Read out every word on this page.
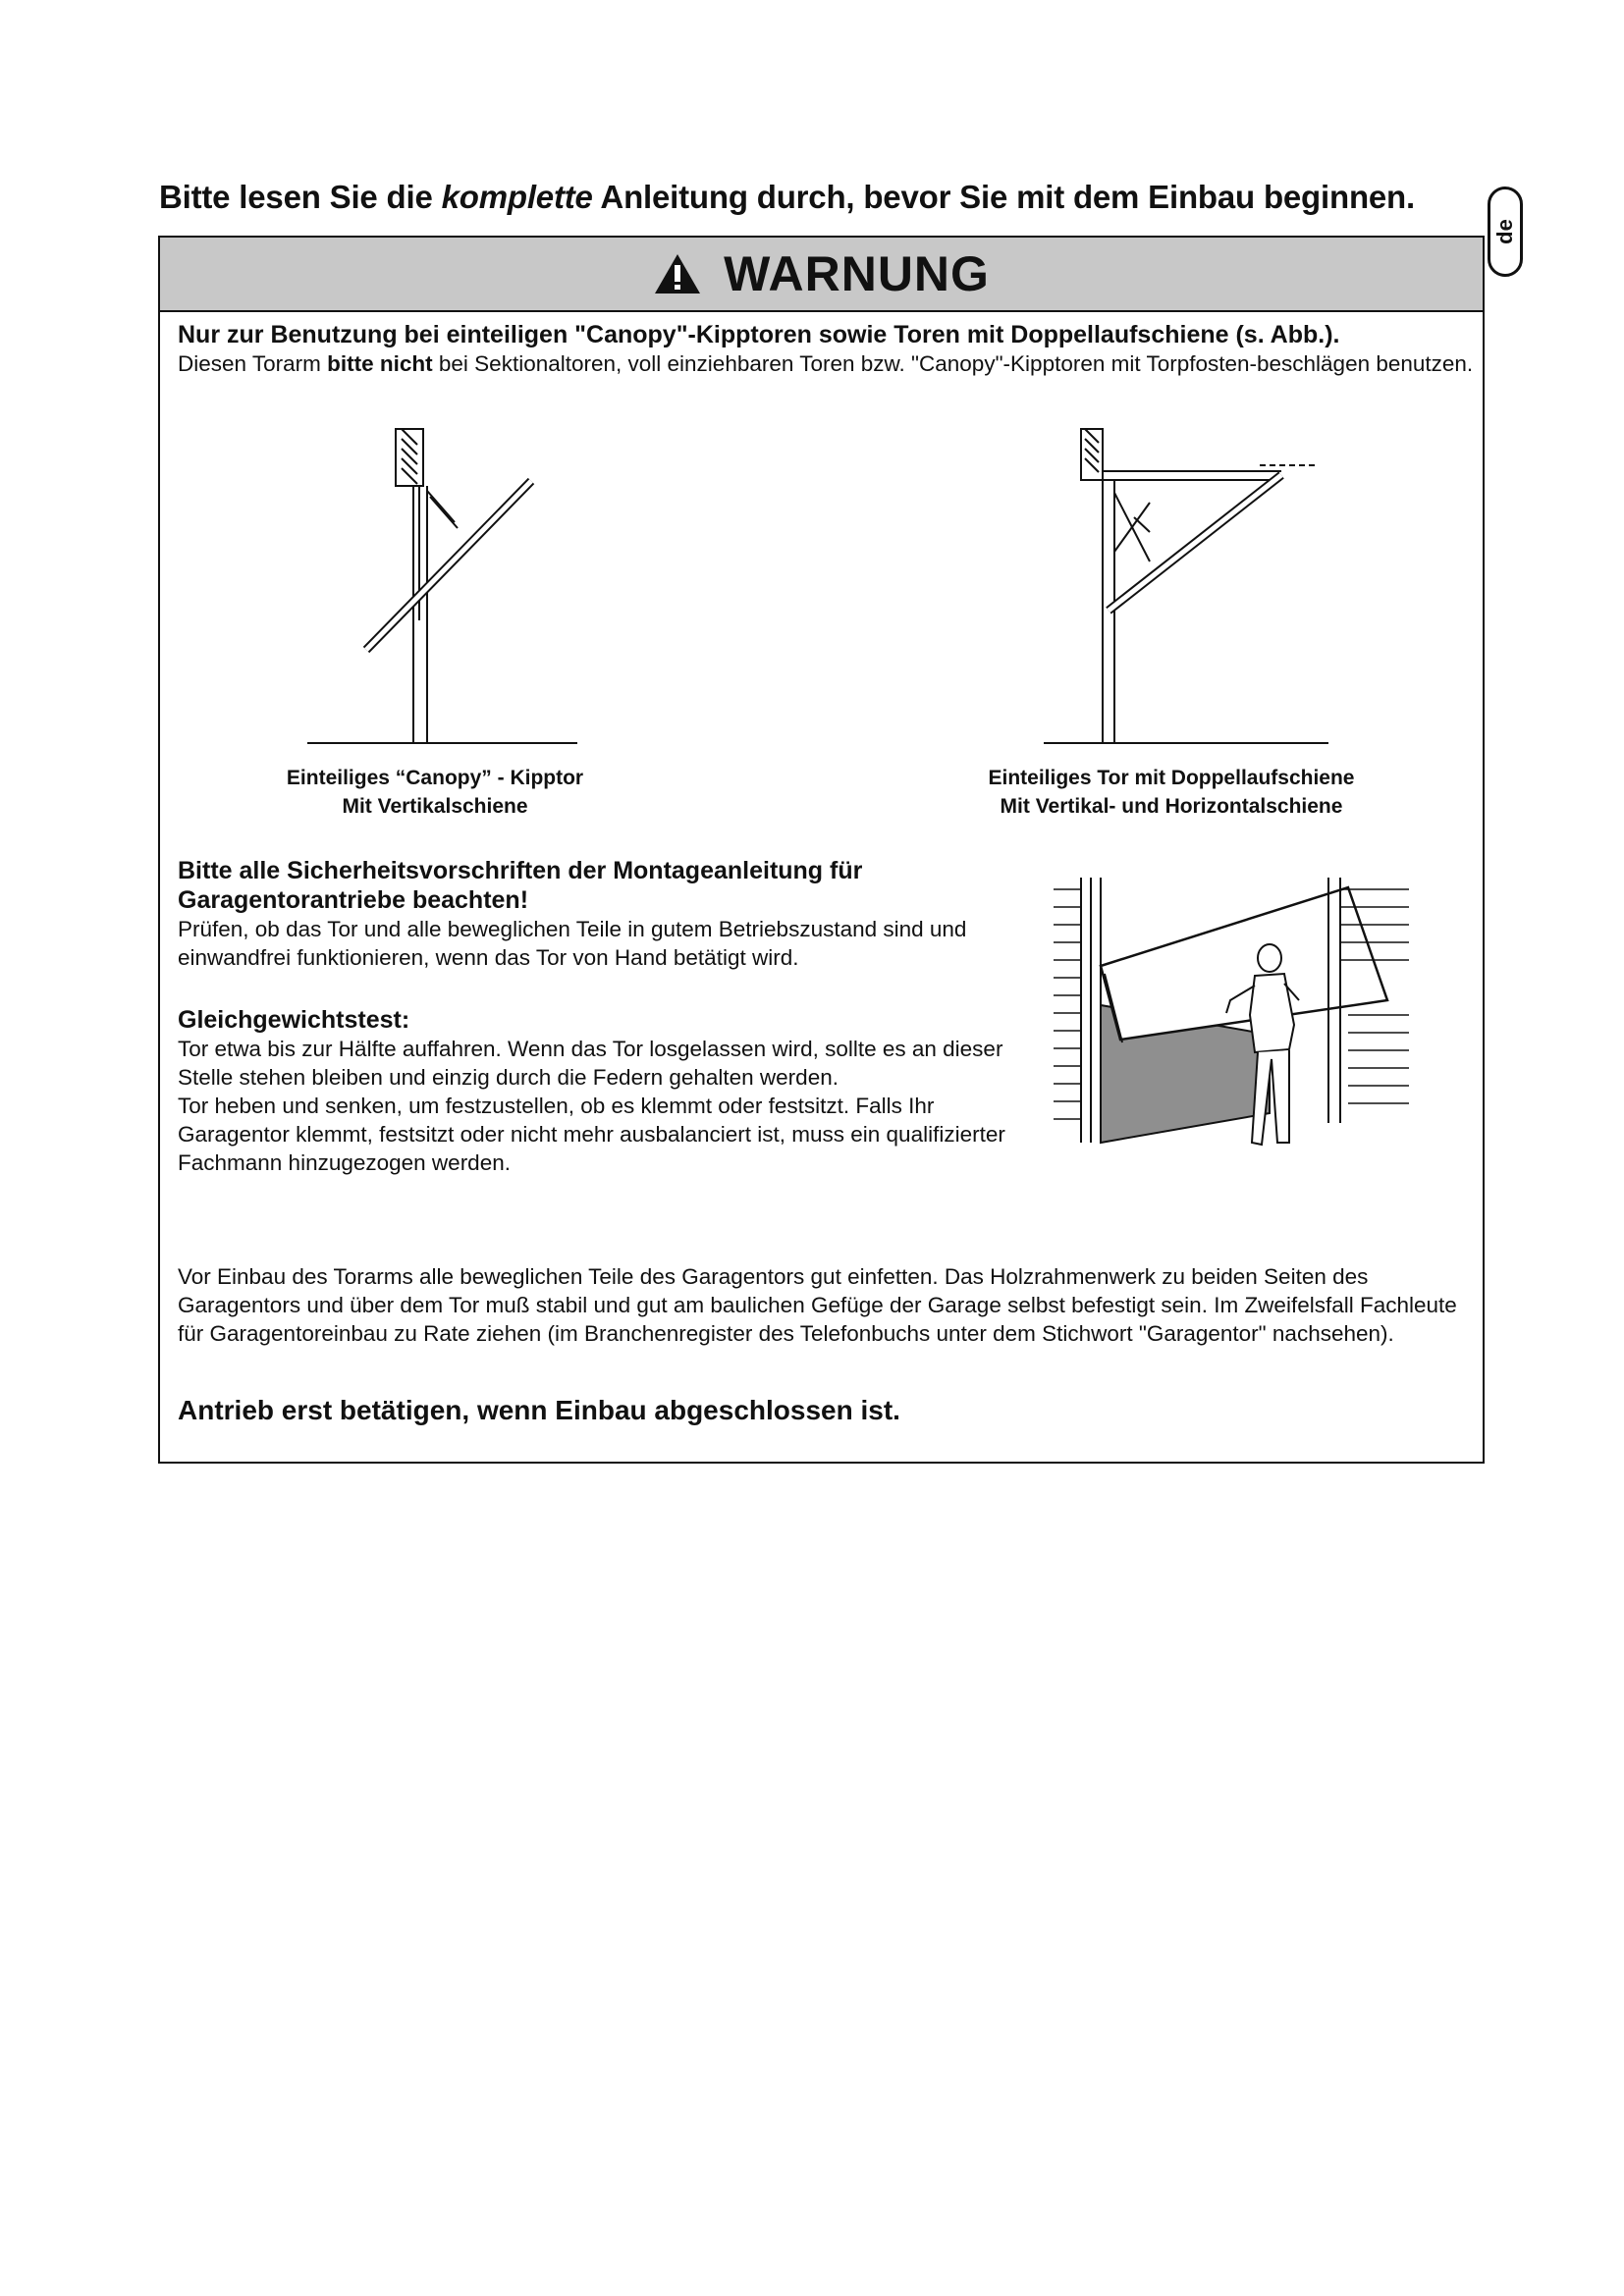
Bitte lesen Sie die komplette Anleitung durch, bevor Sie mit dem Einbau beginnen.
de
WARNUNG
Nur zur Benutzung bei einteiligen "Canopy"-Kipptoren sowie Toren mit Doppellaufschiene (s. Abb.).
Diesen Torarm bitte nicht bei Sektionaltoren, voll einziehbaren Toren bzw. "Canopy"-Kipptoren mit Torpfosten-beschlägen benutzen.
Einteiliges “Canopy” - Kipptor
Mit Vertikalschiene
Einteiliges Tor mit Doppellaufschiene
Mit Vertikal- und Horizontalschiene
Bitte alle Sicherheitsvorschriften der Montageanleitung für Garagentorantriebe beachten!
Prüfen, ob das Tor und alle beweglichen Teile in gutem Betriebszustand sind und einwandfrei funktionieren, wenn das Tor von Hand betätigt wird.
Gleichgewichtstest:
Tor etwa bis zur Hälfte auffahren. Wenn das Tor losgelassen wird, sollte es an dieser Stelle stehen bleiben und einzig durch die Federn gehalten werden.
Tor heben und senken, um festzustellen, ob es klemmt oder festsitzt. Falls Ihr Garagentor klemmt, festsitzt oder nicht mehr ausbalanciert ist, muss ein qualifizierter Fachmann hinzugezogen werden.
Vor Einbau des Torarms alle beweglichen Teile des Garagentors gut einfetten. Das Holzrahmenwerk zu beiden Seiten des Garagentors und über dem Tor muß stabil und gut am baulichen Gefüge der Garage selbst befestigt sein. Im Zweifelsfall Fachleute für Garagentoreinbau zu Rate ziehen (im Branchenregister des Telefonbuchs unter dem Stichwort "Garagentor" nachsehen).
Antrieb erst betätigen, wenn Einbau abgeschlossen ist.
